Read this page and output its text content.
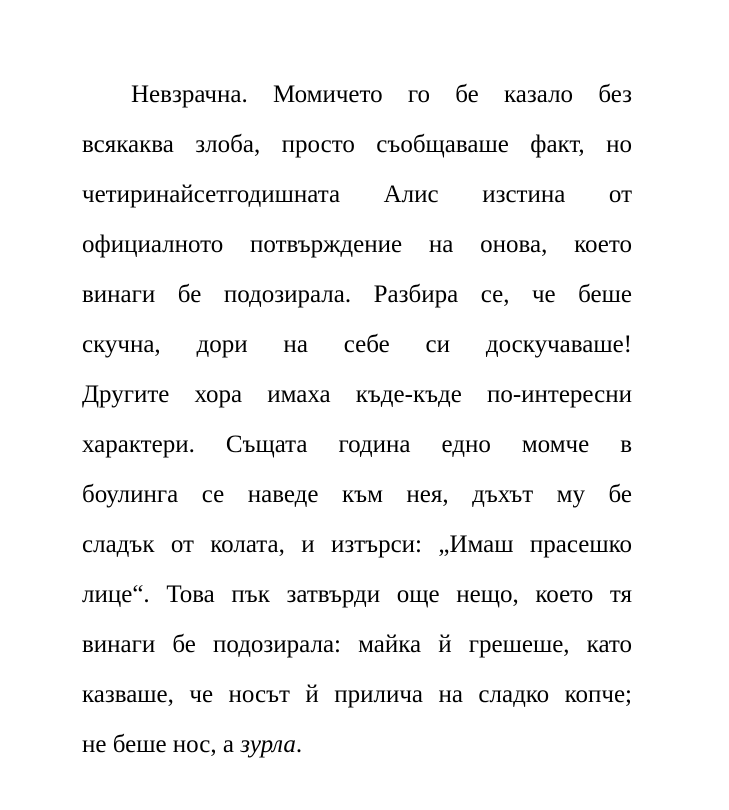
Невзрачна. Момичето го бе казало без
всякаква злоба, просто съобщаваше факт, но
четиринайсетгодишната Алис изстина от
официалното потвърждение на онова, което
винаги бе подозирала. Разбира се, че беше
скучна, дори на себе си доскучаваше!
Другите хора имаха къде-къде по-интересни
характери. Същата година едно момче в
боулинга се наведе към нея, дъхът му бе
сладък от колата, и изтърси: „Имаш прасешко
лице“. Това пък затвърди още нещо, което тя
винаги бе подозирала: майка й грешеше, като
казваше, че носът й прилича на сладко копче;
не беше нос, а зурла.
